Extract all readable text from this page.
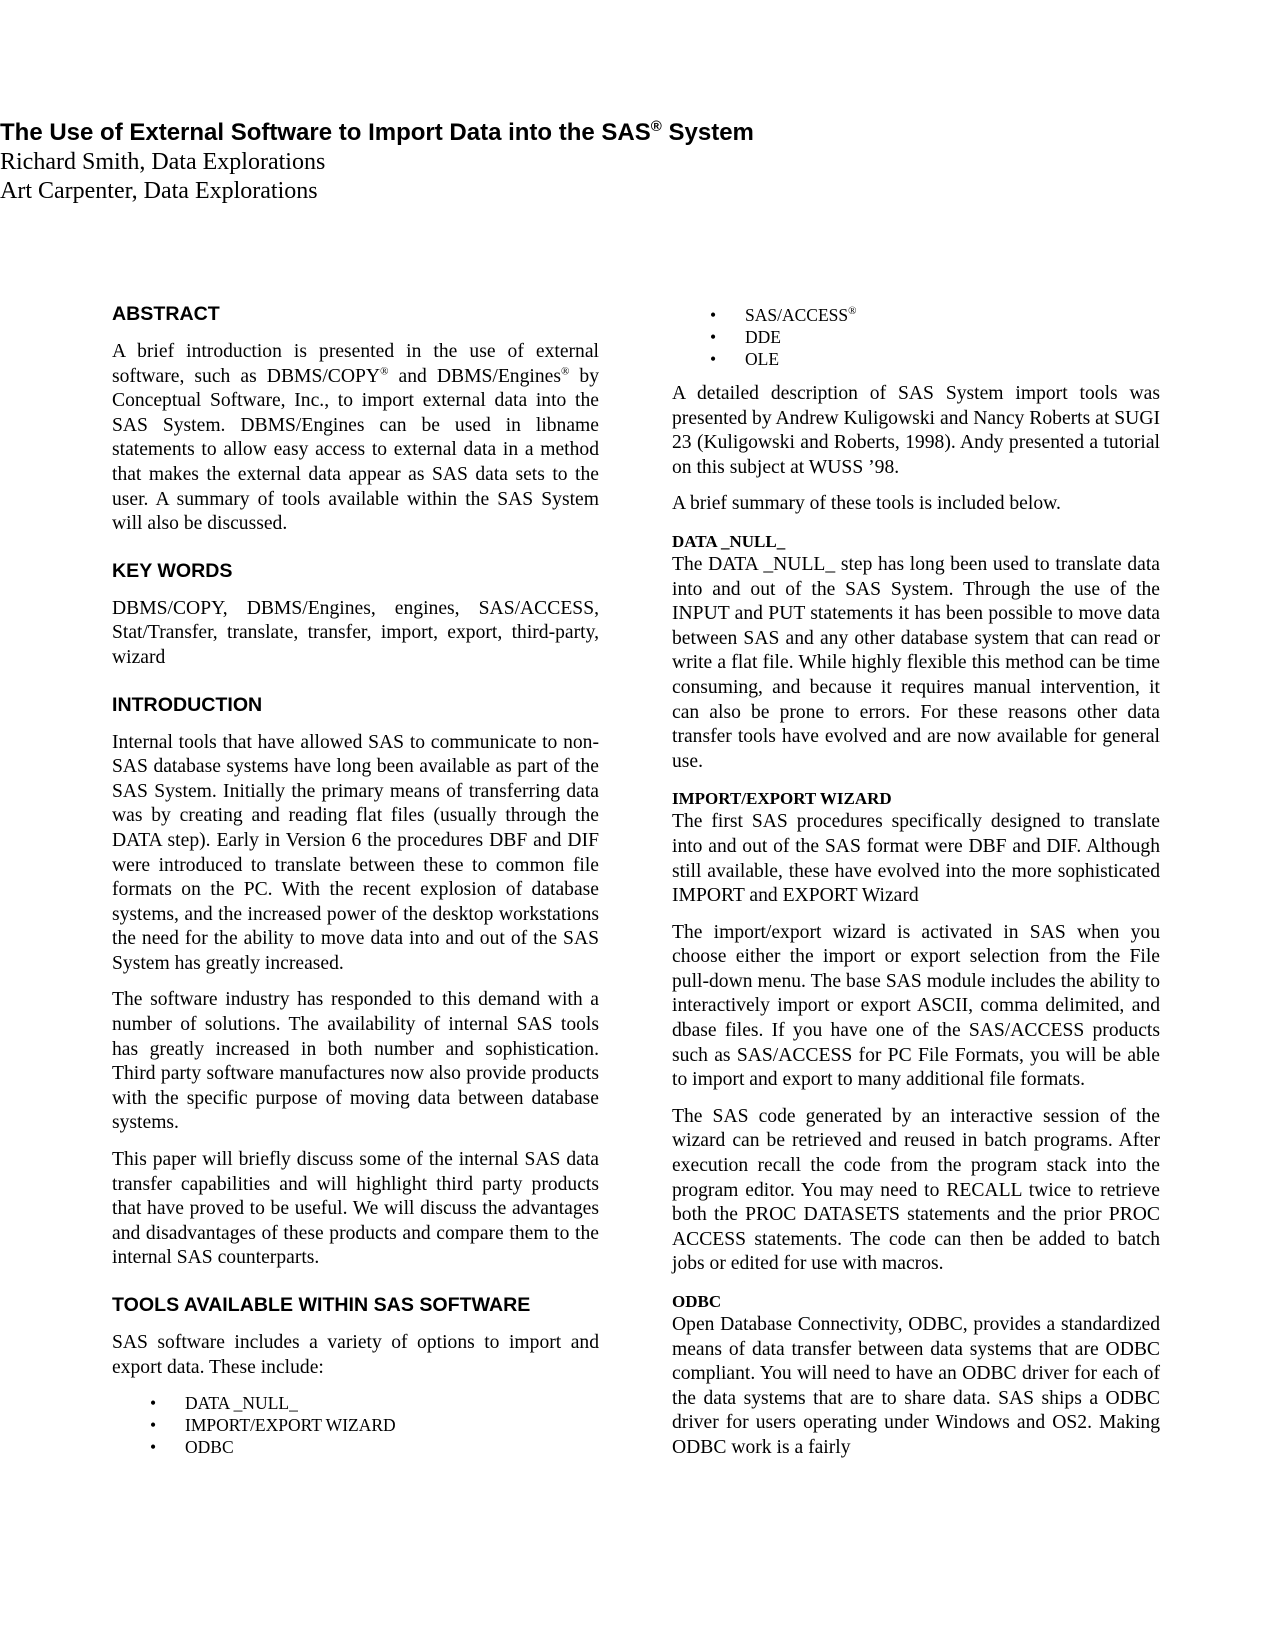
The Use of External Software to Import Data into the SAS® System

Richard Smith, Data Explorations

Art Carpenter, Data Explorations

ABSTRACT

A brief introduction is presented in the use of external software, such as DBMS/COPY® and DBMS/Engines® by Conceptual Software, Inc., to import external data into the SAS System. DBMS/Engines can be used in libname statements to allow easy access to external data in a method that makes the external data appear as SAS data sets to the user. A summary of tools available within the SAS System will also be discussed.

KEY WORDS

DBMS/COPY, DBMS/Engines, engines, SAS/ACCESS, Stat/Transfer, translate, transfer, import, export, third-party, wizard

INTRODUCTION

Internal tools that have allowed SAS to communicate to non-SAS database systems have long been available as part of the SAS System. Initially the primary means of transferring data was by creating and reading flat files (usually through the DATA step). Early in Version 6 the procedures DBF and DIF were introduced to translate between these to common file formats on the PC. With the recent explosion of database systems, and the increased power of the desktop workstations the need for the ability to move data into and out of the SAS System has greatly increased.

The software industry has responded to this demand with a number of solutions. The availability of internal SAS tools has greatly increased in both number and sophistication. Third party software manufactures now also provide products with the specific purpose of moving data between database systems.

This paper will briefly discuss some of the internal SAS data transfer capabilities and will highlight third party products that have proved to be useful. We will discuss the advantages and disadvantages of these products and compare them to the internal SAS counterparts.

TOOLS AVAILABLE WITHIN SAS SOFTWARE

SAS software includes a variety of options to import and export data. These include:

• DATA _NULL_
• IMPORT/EXPORT WIZARD
• ODBC
• SAS/ACCESS®
• DDE
• OLE

A detailed description of SAS System import tools was presented by Andrew Kuligowski and Nancy Roberts at SUGI 23 (Kuligowski and Roberts, 1998). Andy presented a tutorial on this subject at WUSS ’98.

A brief summary of these tools is included below.

DATA _NULL_

The DATA _NULL_ step has long been used to translate data into and out of the SAS System. Through the use of the INPUT and PUT statements it has been possible to move data between SAS and any other database system that can read or write a flat file. While highly flexible this method can be time consuming, and because it requires manual intervention, it can also be prone to errors. For these reasons other data transfer tools have evolved and are now available for general use.

IMPORT/EXPORT WIZARD

The first SAS procedures specifically designed to translate into and out of the SAS format were DBF and DIF. Although still available, these have evolved into the more sophisticated IMPORT and EXPORT Wizard

The import/export wizard is activated in SAS when you choose either the import or export selection from the File pull-down menu. The base SAS module includes the ability to interactively import or export ASCII, comma delimited, and dbase files. If you have one of the SAS/ACCESS products such as SAS/ACCESS for PC File Formats, you will be able to import and export to many additional file formats.

The SAS code generated by an interactive session of the wizard can be retrieved and reused in batch programs. After execution recall the code from the program stack into the program editor. You may need to RECALL twice to retrieve both the PROC DATASETS statements and the prior PROC ACCESS statements. The code can then be added to batch jobs or edited for use with macros.

ODBC

Open Database Connectivity, ODBC, provides a standardized means of data transfer between data systems that are ODBC compliant. You will need to have an ODBC driver for each of the data systems that are to share data. SAS ships a ODBC driver for users operating under Windows and OS2. Making ODBC work is a fairly
